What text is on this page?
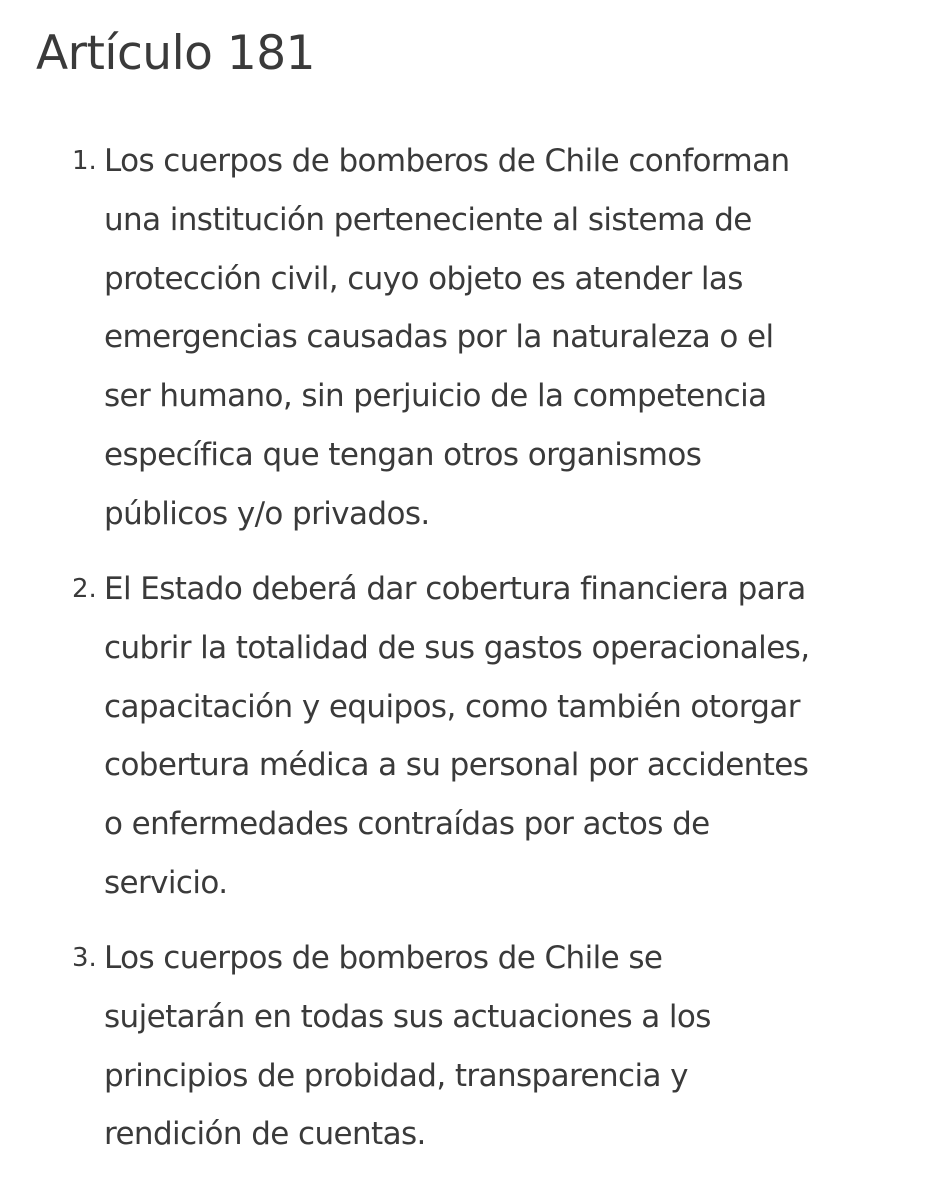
Artículo 181
1. Los cuerpos de bomberos de Chile conforman
una institución perteneciente al sistema de
protección civil, cuyo objeto es atender las
emergencias causadas por la naturaleza o el
ser humano, sin perjuicio de la competencia
específica que tengan otros organismos
públicos y/o privados.
2. El Estado deberá dar cobertura financiera para
cubrir la totalidad de sus gastos operacionales,
capacitación y equipos, como también otorgar
cobertura médica a su personal por accidentes
o enfermedades contraídas por actos de
servicio.
3. Los cuerpos de bomberos de Chile se
sujetarán en todas sus actuaciones a los
principios de probidad, transparencia y
rendición de cuentas.
